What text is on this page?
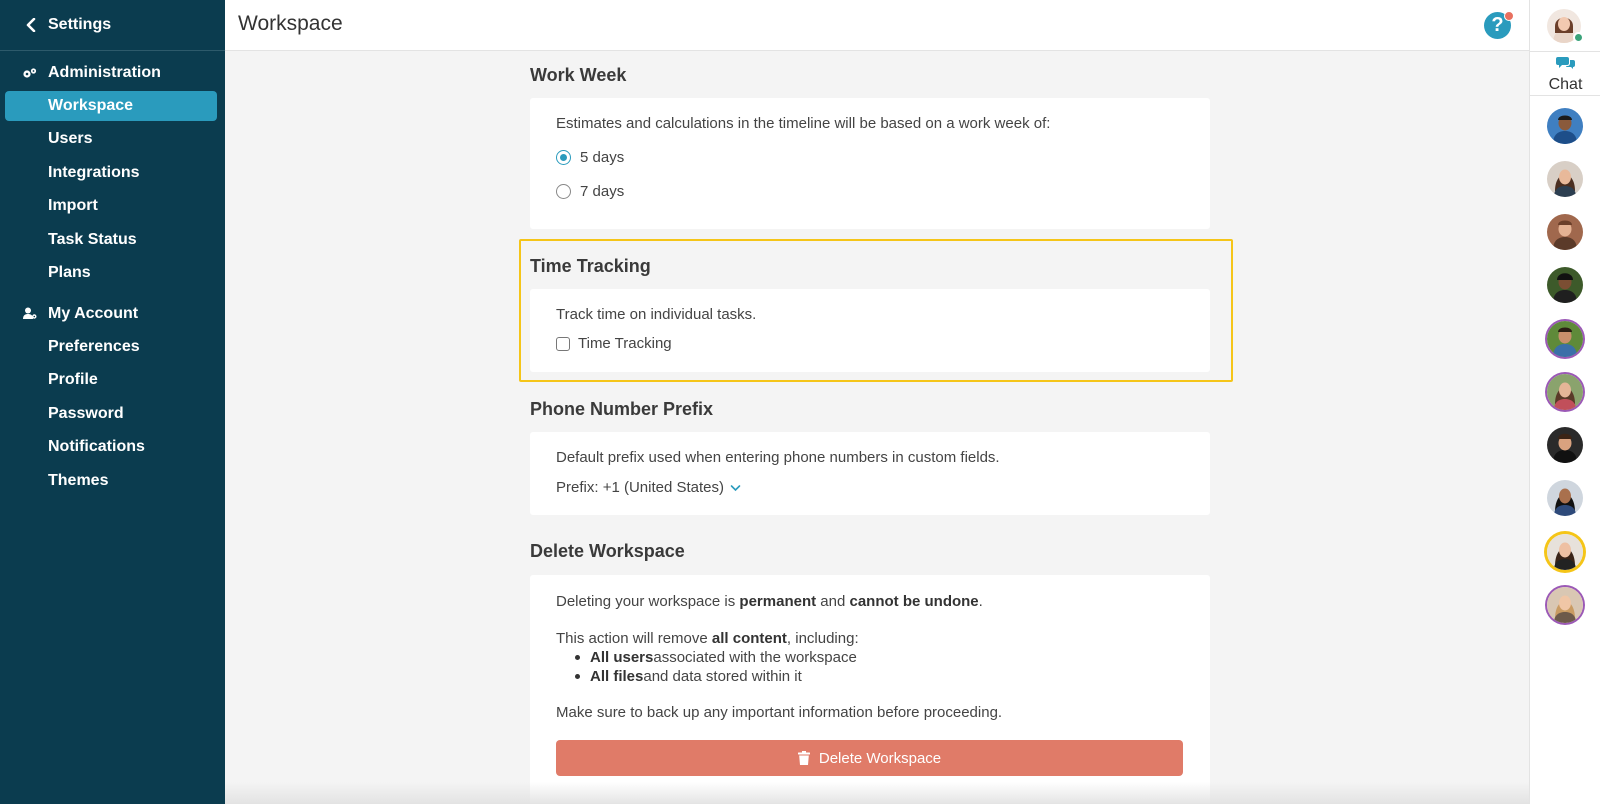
Settings
Administration
Workspace
Users
Integrations
Import
Task Status
Plans
My Account
Preferences
Profile
Password
Notifications
Themes
Workspace	?
Chat
Work Week
Estimates and calculations in the timeline will be based on a work week of:
5 days
7 days
Time Tracking
Track time on individual tasks.
Time Tracking
Phone Number Prefix
Default prefix used when entering phone numbers in custom fields.
Prefix:
+1 (United States)
Delete Workspace
Deleting your workspace is permanent and cannot be undone.
This action will remove all content, including:
All users associated with the workspace
All files and data stored within it
Make sure to back up any important information before proceeding.
Delete Workspace
